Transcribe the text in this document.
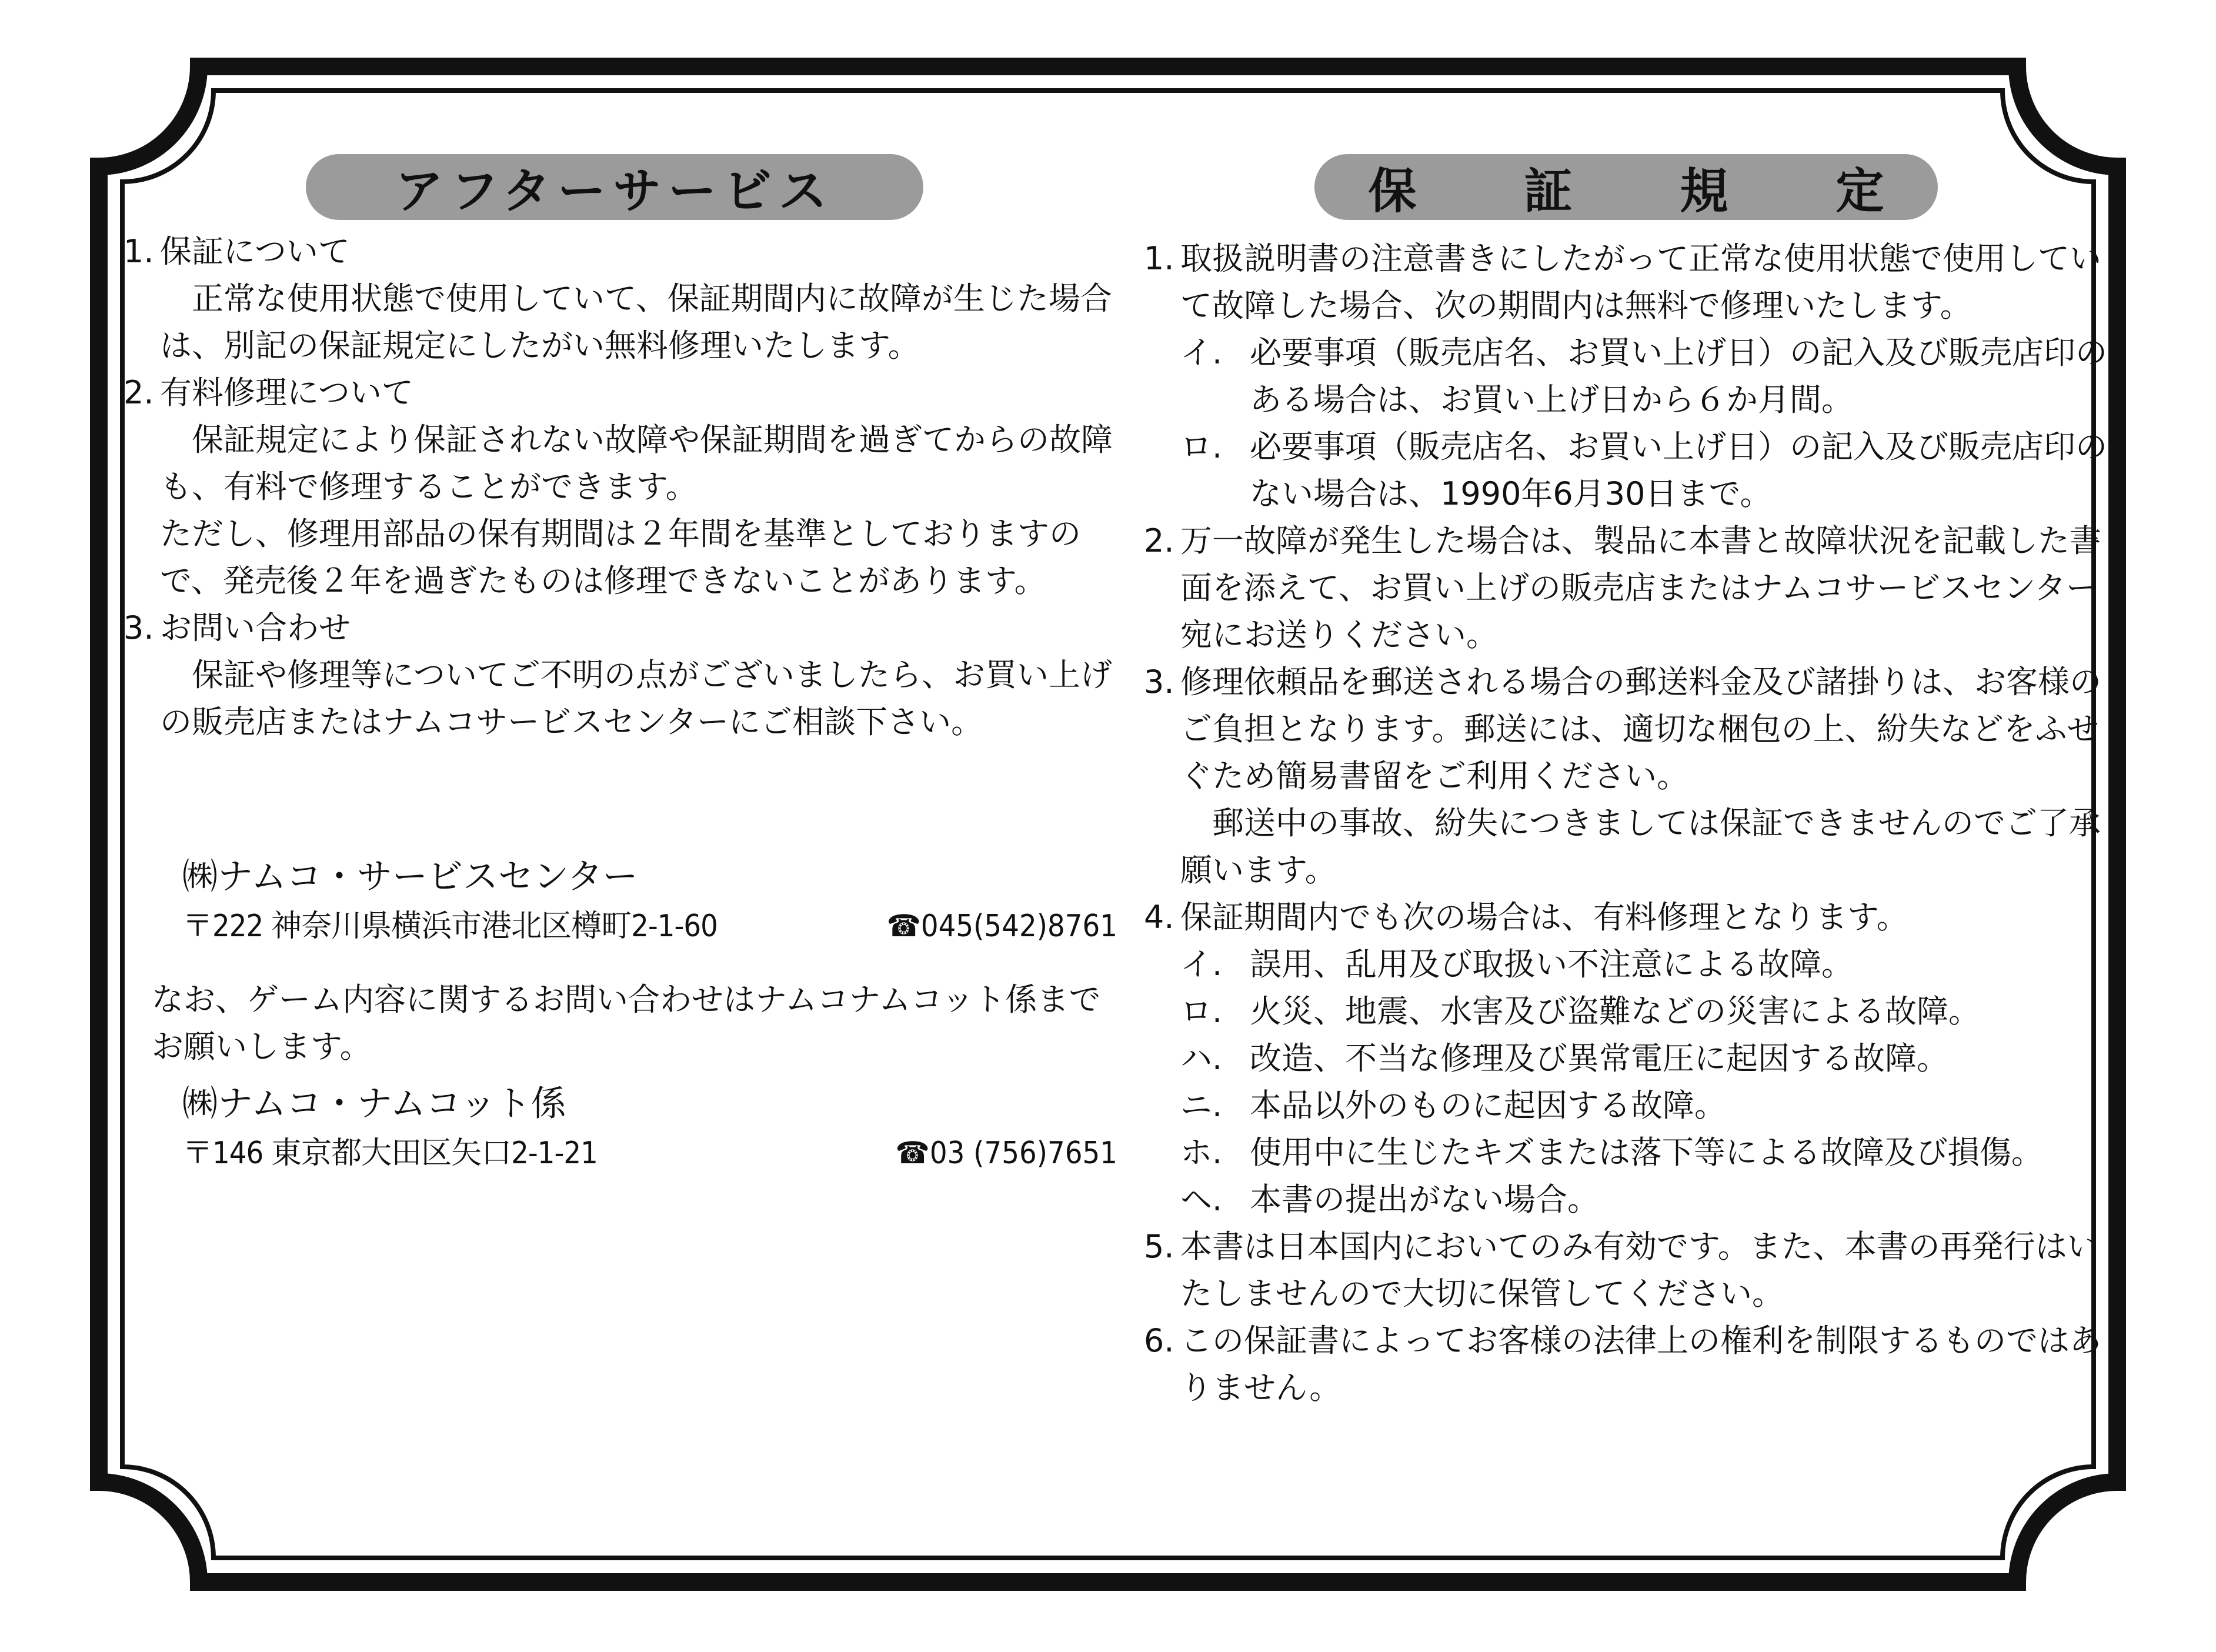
アフターサービス
1. 保証について
正常な使用状態で使用していて、保証期間内に故障が生じた場合は、別記の保証規定にしたがい無料修理いたします。
2. 有料修理について
保証規定により保証されない故障や保証期間を過ぎてからの故障も、有料で修理することができます。
ただし、修理用部品の保有期間は２年間を基準としておりますので、発売後２年を過ぎたものは修理できないことがあります。
3. お問い合わせ
保証や修理等についてご不明の点がございましたら、お買い上げの販売店またはナムコサービスセンターにご相談下さい。
㈱ナムコ・サービスセンター
〒222 神奈川県横浜市港北区樽町2-1-60	☎045(542)8761
なお、ゲーム内容に関するお問い合わせはナムコナムコット係までお願いします。
㈱ナムコ・ナムコット係
〒146 東京都大田区矢口2-1-21	☎03 (756)7651
保 証 規 定
1. 取扱説明書の注意書きにしたがって正常な使用状態で使用していて故障した場合、次の期間内は無料で修理いたします。
イ. 必要事項（販売店名、お買い上げ日）の記入及び販売店印のある場合は、お買い上げ日から６か月間。
ロ. 必要事項（販売店名、お買い上げ日）の記入及び販売店印のない場合は、1990年6月30日まで。
2. 万一故障が発生した場合は、製品に本書と故障状況を記載した書面を添えて、お買い上げの販売店またはナムコサービスセンター宛にお送りください。
3. 修理依頼品を郵送される場合の郵送料金及び諸掛りは、お客様のご負担となります。郵送には、適切な梱包の上、紛失などをふせぐため簡易書留をご利用ください。
郵送中の事故、紛失につきましては保証できませんのでご了承願います。
4. 保証期間内でも次の場合は、有料修理となります。
イ. 誤用、乱用及び取扱い不注意による故障。
ロ. 火災、地震、水害及び盗難などの災害による故障。
ハ. 改造、不当な修理及び異常電圧に起因する故障。
ニ. 本品以外のものに起因する故障。
ホ. 使用中に生じたキズまたは落下等による故障及び損傷。
ヘ. 本書の提出がない場合。
5. 本書は日本国内においてのみ有効です。また、本書の再発行はいたしませんので大切に保管してください。
6. この保証書によってお客様の法律上の権利を制限するものではありません。
